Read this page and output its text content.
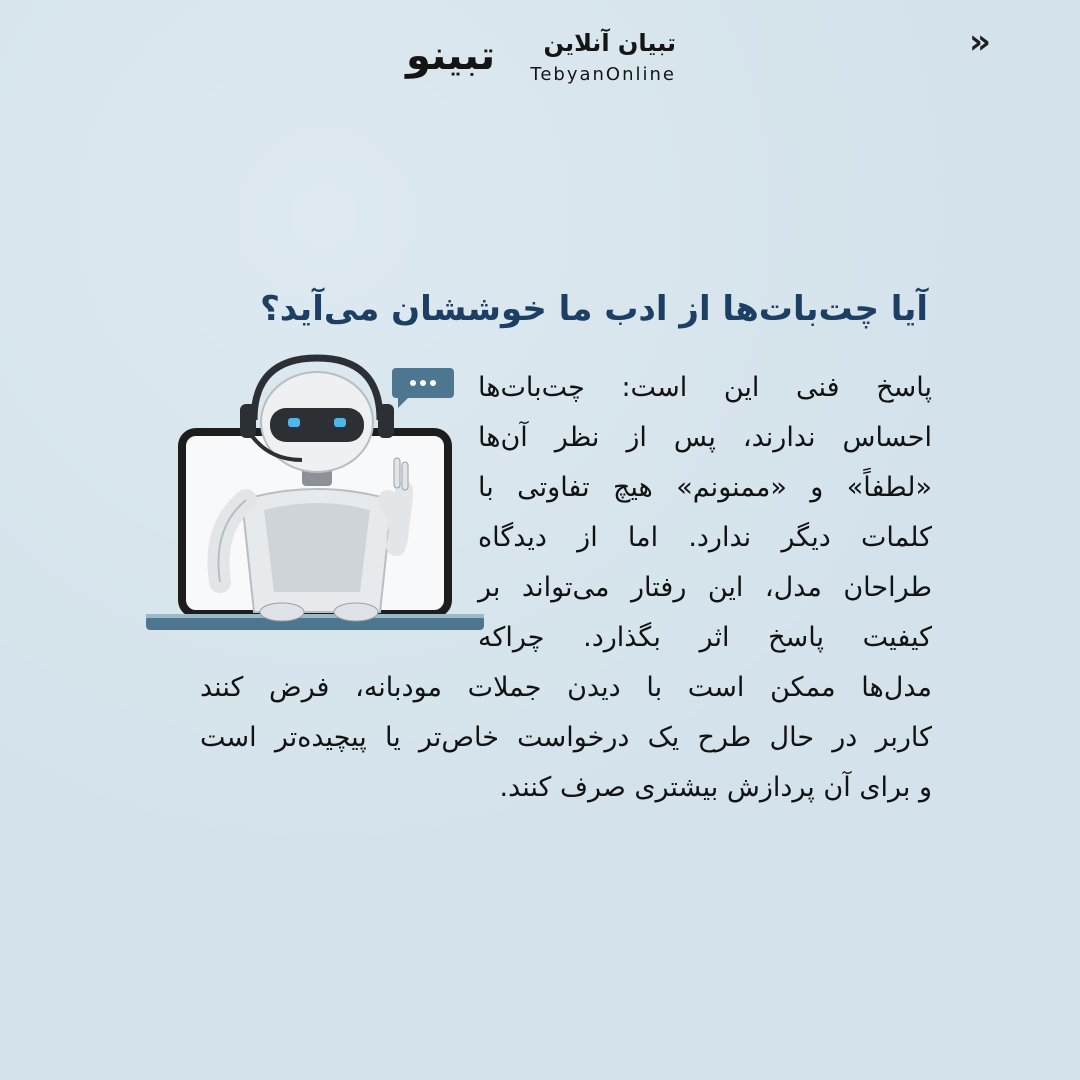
»
تبینو تبیان آنلاین
TebyanOnline
آیا چت‌بات‌ها از ادب ما خوششان می‌آید؟
پاسخ فنی این است: چت‌بات‌ها
احساس ندارند، پس از نظر آن‌ها
«لطفاً» و «ممنونم» هیچ تفاوتی با
کلمات دیگر ندارد. اما از دیدگاه
طراحان مدل، این رفتار می‌تواند بر
کیفیت پاسخ اثر بگذارد. چراکه
مدل‌ها ممکن است با دیدن جملات مودبانه، فرض کنند
کاربر در حال طرح یک درخواست خاص‌تر یا پیچیده‌تر است
و برای آن پردازش بیشتری صرف کنند.
